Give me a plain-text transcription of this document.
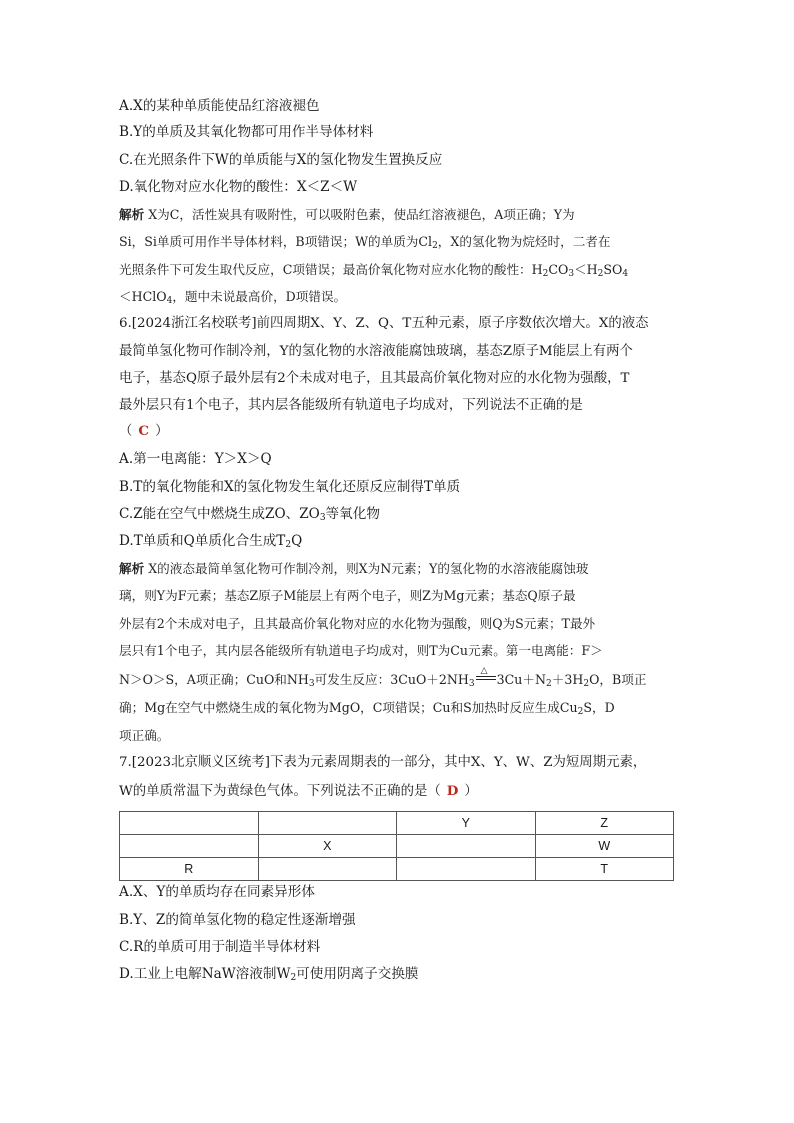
A.X的某种单质能使品红溶液褪色
B.Y的单质及其氧化物都可用作半导体材料
C.在光照条件下W的单质能与X的氢化物发生置换反应
D.氧化物对应水化物的酸性：X＜Z＜W
解析 X为C，活性炭具有吸附性，可以吸附色素，使品红溶液褪色，A项正确；Y为
Si，Si单质可用作半导体材料，B项错误；W的单质为$Cl_2$，X的氢化物为烷烃时，二者在
光照条件下可发生取代反应，C项错误；最高价氧化物对应水化物的酸性：$H_2CO_3<H_2SO_4$
＜HClO$_4$，题中未说最高价，D项错误。
6.[2024浙江名校联考]前四周期X、Y、Z、Q、T五种元素，原子序数依次增大。X的液态
最简单氢化物可作制冷剂，Y的氢化物的水溶液能腐蚀玻璃，基态Z原子M能层上有两个
电子，基态Q原子最外层有2个未成对电子，且其最高价氧化物对应的水化物为强酸，T
最外层只有1个电子，其内层各能级所有轨道电子均成对，下列说法不正确的是
（ C ）
A.第一电离能：Y＞X＞Q
B.T的氧化物能和X的氢化物发生氧化还原反应制得T单质
C.Z能在空气中燃烧生成ZO、$ZO_3$等氧化物
D.T单质和Q单质化合生成$T_2Q$
解析 X的液态最简单氢化物可作制冷剂，则X为N元素；Y的氢化物的水溶液能腐蚀玻
璃，则Y为F元素；基态Z原子M能层上有两个电子，则Z为Mg元素；基态Q原子最
外层有2个未成对电子，且其最高价氧化物对应的水化物为强酸，则Q为S元素；T最外
层只有1个电子，其内层各能级所有轨道电子均成对，则T为Cu元素。第一电离能：F＞
N＞O＞S，A项正确；CuO和$NH_3$可发生反应：$3CuO+2NH_3$
△
$3Cu+N_2+3H_2O$，B项正
确；Mg在空气中燃烧生成的氧化物为MgO，C项错误；Cu和S加热时反应生成$Cu_2S$，D
项正确。
7.[2023北京顺义区统考]下表为元素周期表的一部分，其中X、Y、W、Z为短周期元素，
W的单质常温下为黄绿色气体。下列说法不正确的是（ D ）
		Y	Z
	X		W
R			T
A.X、Y的单质均存在同素异形体
B.Y、Z的简单氢化物的稳定性逐渐增强
C.R的单质可用于制造半导体材料
D.工业上电解NaW溶液制$W_2$可使用阴离子交换膜
